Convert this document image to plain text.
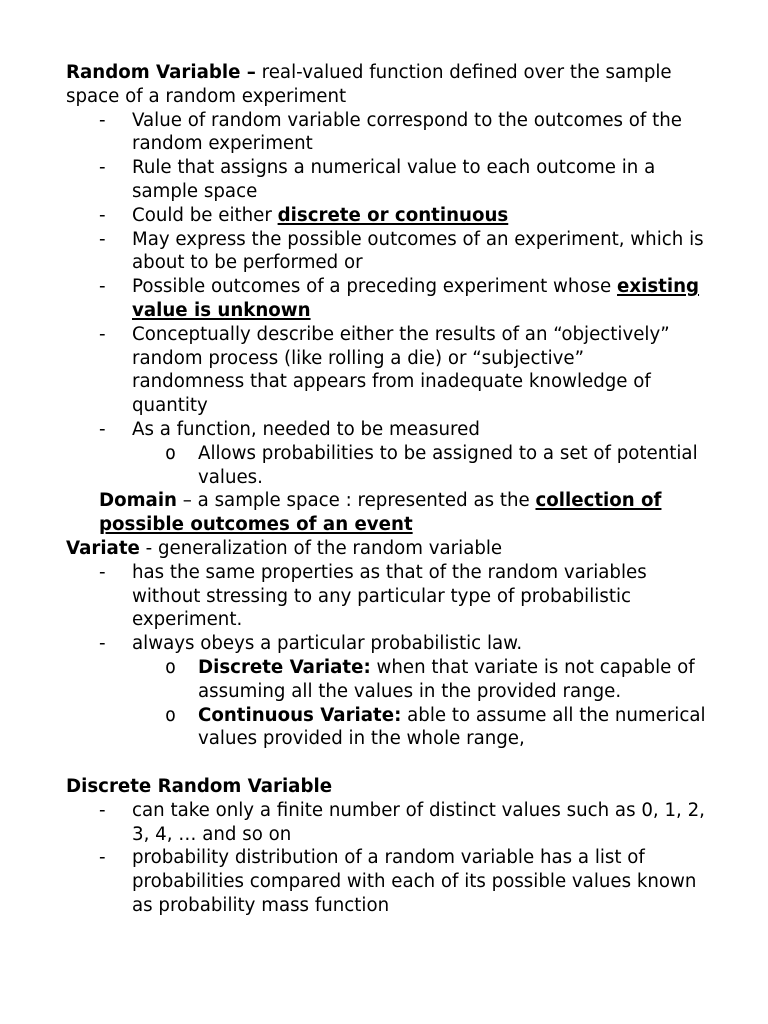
Random Variable – real-valued function defined over the sample space of a random experiment

- Value of random variable correspond to the outcomes of the random experiment
- Rule that assigns a numerical value to each outcome in a sample space
- Could be either discrete or continuous
- May express the possible outcomes of an experiment, which is about to be performed or
- Possible outcomes of a preceding experiment whose existing value is unknown
- Conceptually describe either the results of an “objectively” random process (like rolling a die) or “subjective” randomness that appears from inadequate knowledge of quantity
- As a function, needed to be measured
o Allows probabilities to be assigned to a set of potential values.

Domain – a sample space : represented as the collection of possible outcomes of an event

Variate - generalization of the random variable

- has the same properties as that of the random variables without stressing to any particular type of probabilistic experiment.
- always obeys a particular probabilistic law.
o Discrete Variate: when that variate is not capable of assuming all the values in the provided range.
o Continuous Variate: able to assume all the numerical values provided in the whole range,

Discrete Random Variable

- can take only a finite number of distinct values such as 0, 1, 2, 3, 4, … and so on
- probability distribution of a random variable has a list of probabilities compared with each of its possible values known as probability mass function
